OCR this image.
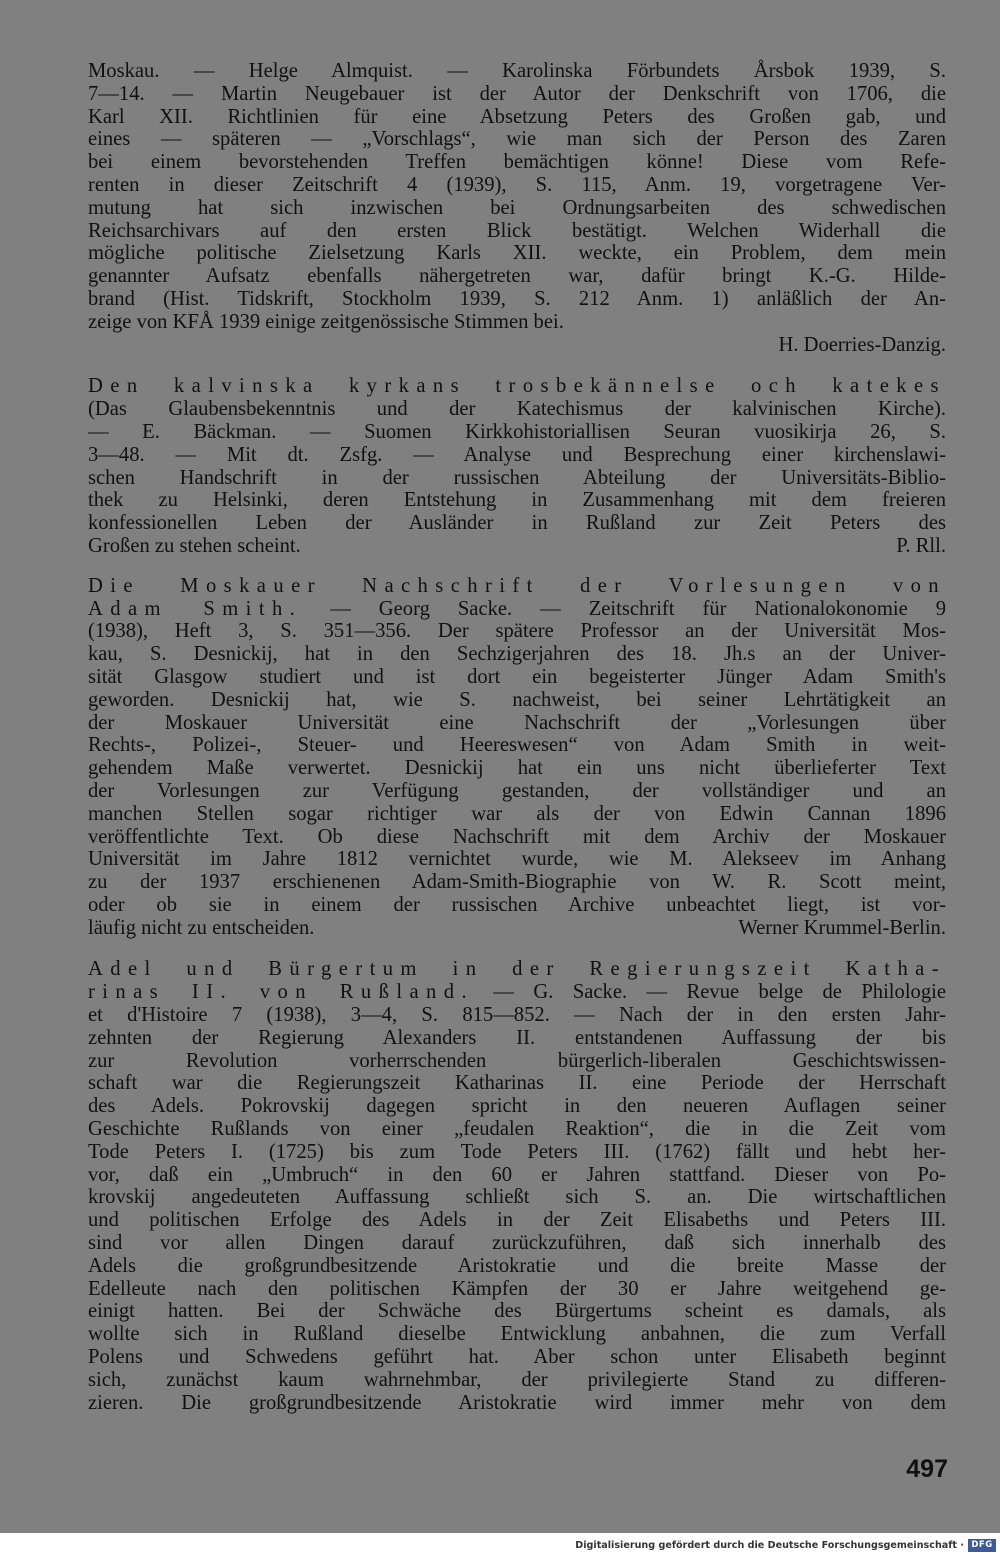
Moskau. — Helge Almquist. — Karolinska Förbundets Årsbok 1939, S.
7—14. — Martin Neugebauer ist der Autor der Denkschrift von 1706, die
Karl XII. Richtlinien für eine Absetzung Peters des Großen gab, und
eines — späteren — „Vorschlags“, wie man sich der Person des Zaren
bei einem bevorstehenden Treffen bemächtigen könne! Diese vom Refe-
renten in dieser Zeitschrift 4 (1939), S. 115, Anm. 19, vorgetragene Ver-
mutung hat sich inzwischen bei Ordnungsarbeiten des schwedischen
Reichsarchivars auf den ersten Blick bestätigt. Welchen Widerhall die
mögliche politische Zielsetzung Karls XII. weckte, ein Problem, dem mein
genannter Aufsatz ebenfalls nähergetreten war, dafür bringt K.-G. Hilde-
brand (Hist. Tidskrift, Stockholm 1939, S. 212 Anm. 1) anläßlich der An-
zeige von KFÅ 1939 einige zeitgenössische Stimmen bei.
H. Doerries-Danzig.
Den kalvinska kyrkans trosbekännelse och katekes
(Das Glaubensbekenntnis und der Katechismus der kalvinischen Kirche).
— E. Bäckman. — Suomen Kirkkohistoriallisen Seuran vuosikirja 26, S.
3—48. — Mit dt. Zsfg. — Analyse und Besprechung einer kirchenslawi-
schen Handschrift in der russischen Abteilung der Universitäts-Biblio-
thek zu Helsinki, deren Entstehung in Zusammenhang mit dem freieren
konfessionellen Leben der Ausländer in Rußland zur Zeit Peters des
Großen zu stehen scheint.	P. Rll.
Die Moskauer Nachschrift der Vorlesungen von
Adam Smith. — Georg Sacke. — Zeitschrift für Nationalokonomie 9
(1938), Heft 3, S. 351—356. Der spätere Professor an der Universität Mos-
kau, S. Desnickij, hat in den Sechzigerjahren des 18. Jh.s an der Univer-
sität Glasgow studiert und ist dort ein begeisterter Jünger Adam Smith's
geworden. Desnickij hat, wie S. nachweist, bei seiner Lehrtätigkeit an
der Moskauer Universität eine Nachschrift der „Vorlesungen über
Rechts-, Polizei-, Steuer- und Heereswesen“ von Adam Smith in weit-
gehendem Maße verwertet. Desnickij hat ein uns nicht überlieferter Text
der Vorlesungen zur Verfügung gestanden, der vollständiger und an
manchen Stellen sogar richtiger war als der von Edwin Cannan 1896
veröffentlichte Text. Ob diese Nachschrift mit dem Archiv der Moskauer
Universität im Jahre 1812 vernichtet wurde, wie M. Alekseev im Anhang
zu der 1937 erschienenen Adam-Smith-Biographie von W. R. Scott meint,
oder ob sie in einem der russischen Archive unbeachtet liegt, ist vor-
läufig nicht zu entscheiden.	Werner Krummel-Berlin.
Adel und Bürgertum in der Regierungszeit Katha-
rinas II. von Rußland. — G. Sacke. — Revue belge de Philologie
et d'Histoire 7 (1938), 3—4, S. 815—852. — Nach der in den ersten Jahr-
zehnten der Regierung Alexanders II. entstandenen Auffassung der bis
zur Revolution vorherrschenden bürgerlich-liberalen Geschichtswissen-
schaft war die Regierungszeit Katharinas II. eine Periode der Herrschaft
des Adels. Pokrovskij dagegen spricht in den neueren Auflagen seiner
Geschichte Rußlands von einer „feudalen Reaktion“, die in die Zeit vom
Tode Peters I. (1725) bis zum Tode Peters III. (1762) fällt und hebt her-
vor, daß ein „Umbruch“ in den 60 er Jahren stattfand. Dieser von Po-
krovskij angedeuteten Auffassung schließt sich S. an. Die wirtschaftlichen
und politischen Erfolge des Adels in der Zeit Elisabeths und Peters III.
sind vor allen Dingen darauf zurückzuführen, daß sich innerhalb des
Adels die großgrundbesitzende Aristokratie und die breite Masse der
Edelleute nach den politischen Kämpfen der 30 er Jahre weitgehend ge-
einigt hatten. Bei der Schwäche des Bürgertums scheint es damals, als
wollte sich in Rußland dieselbe Entwicklung anbahnen, die zum Verfall
Polens und Schwedens geführt hat. Aber schon unter Elisabeth beginnt
sich, zunächst kaum wahrnehmbar, der privilegierte Stand zu differen-
zieren. Die großgrundbesitzende Aristokratie wird immer mehr von dem
497
Digitalisierung gefördert durch die Deutsche Forschungsgemeinschaft · DFG
